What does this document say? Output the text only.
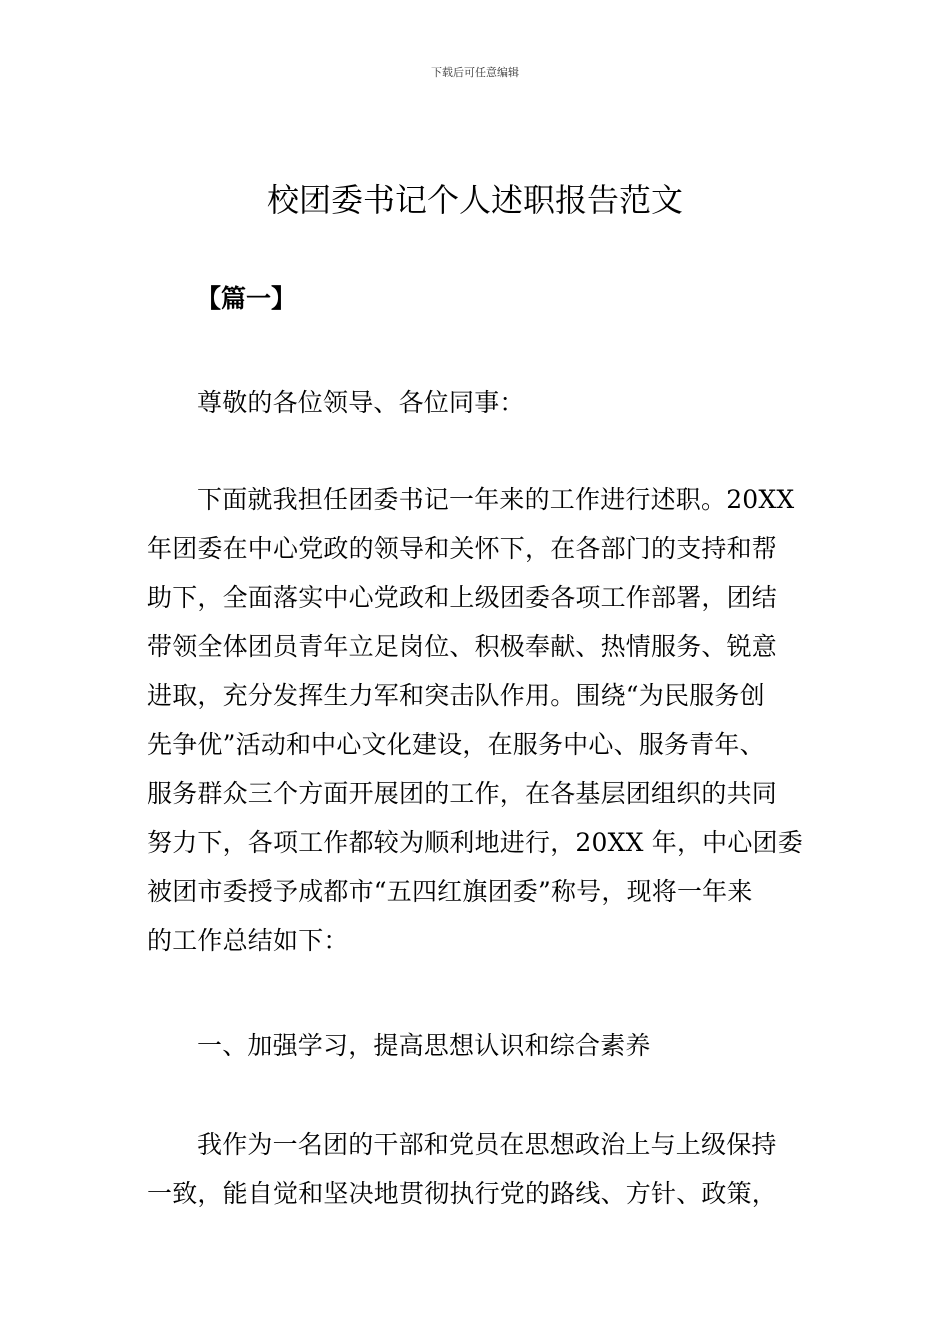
下载后可任意编辑
校团委书记个人述职报告范文
【篇一】

尊敬的各位领导、各位同事：

下面就我担任团委书记一年来的工作进行述职。20XX
年团委在中心党政的领导和关怀下，在各部门的支持和帮
助下，全面落实中心党政和上级团委各项工作部署，团结
带领全体团员青年立足岗位、积极奉献、热情服务、锐意
进取，充分发挥生力军和突击队作用。围绕“为民服务创
先争优”活动和中心文化建设，在服务中心、服务青年、
服务群众三个方面开展团的工作，在各基层团组织的共同
努力下，各项工作都较为顺利地进行，20XX 年，中心团委
被团市委授予成都市“五四红旗团委”称号，现将一年来
的工作总结如下：

一、加强学习，提高思想认识和综合素养

我作为一名团的干部和党员在思想政治上与上级保持
一致，能自觉和坚决地贯彻执行党的路线、方针、政策，
